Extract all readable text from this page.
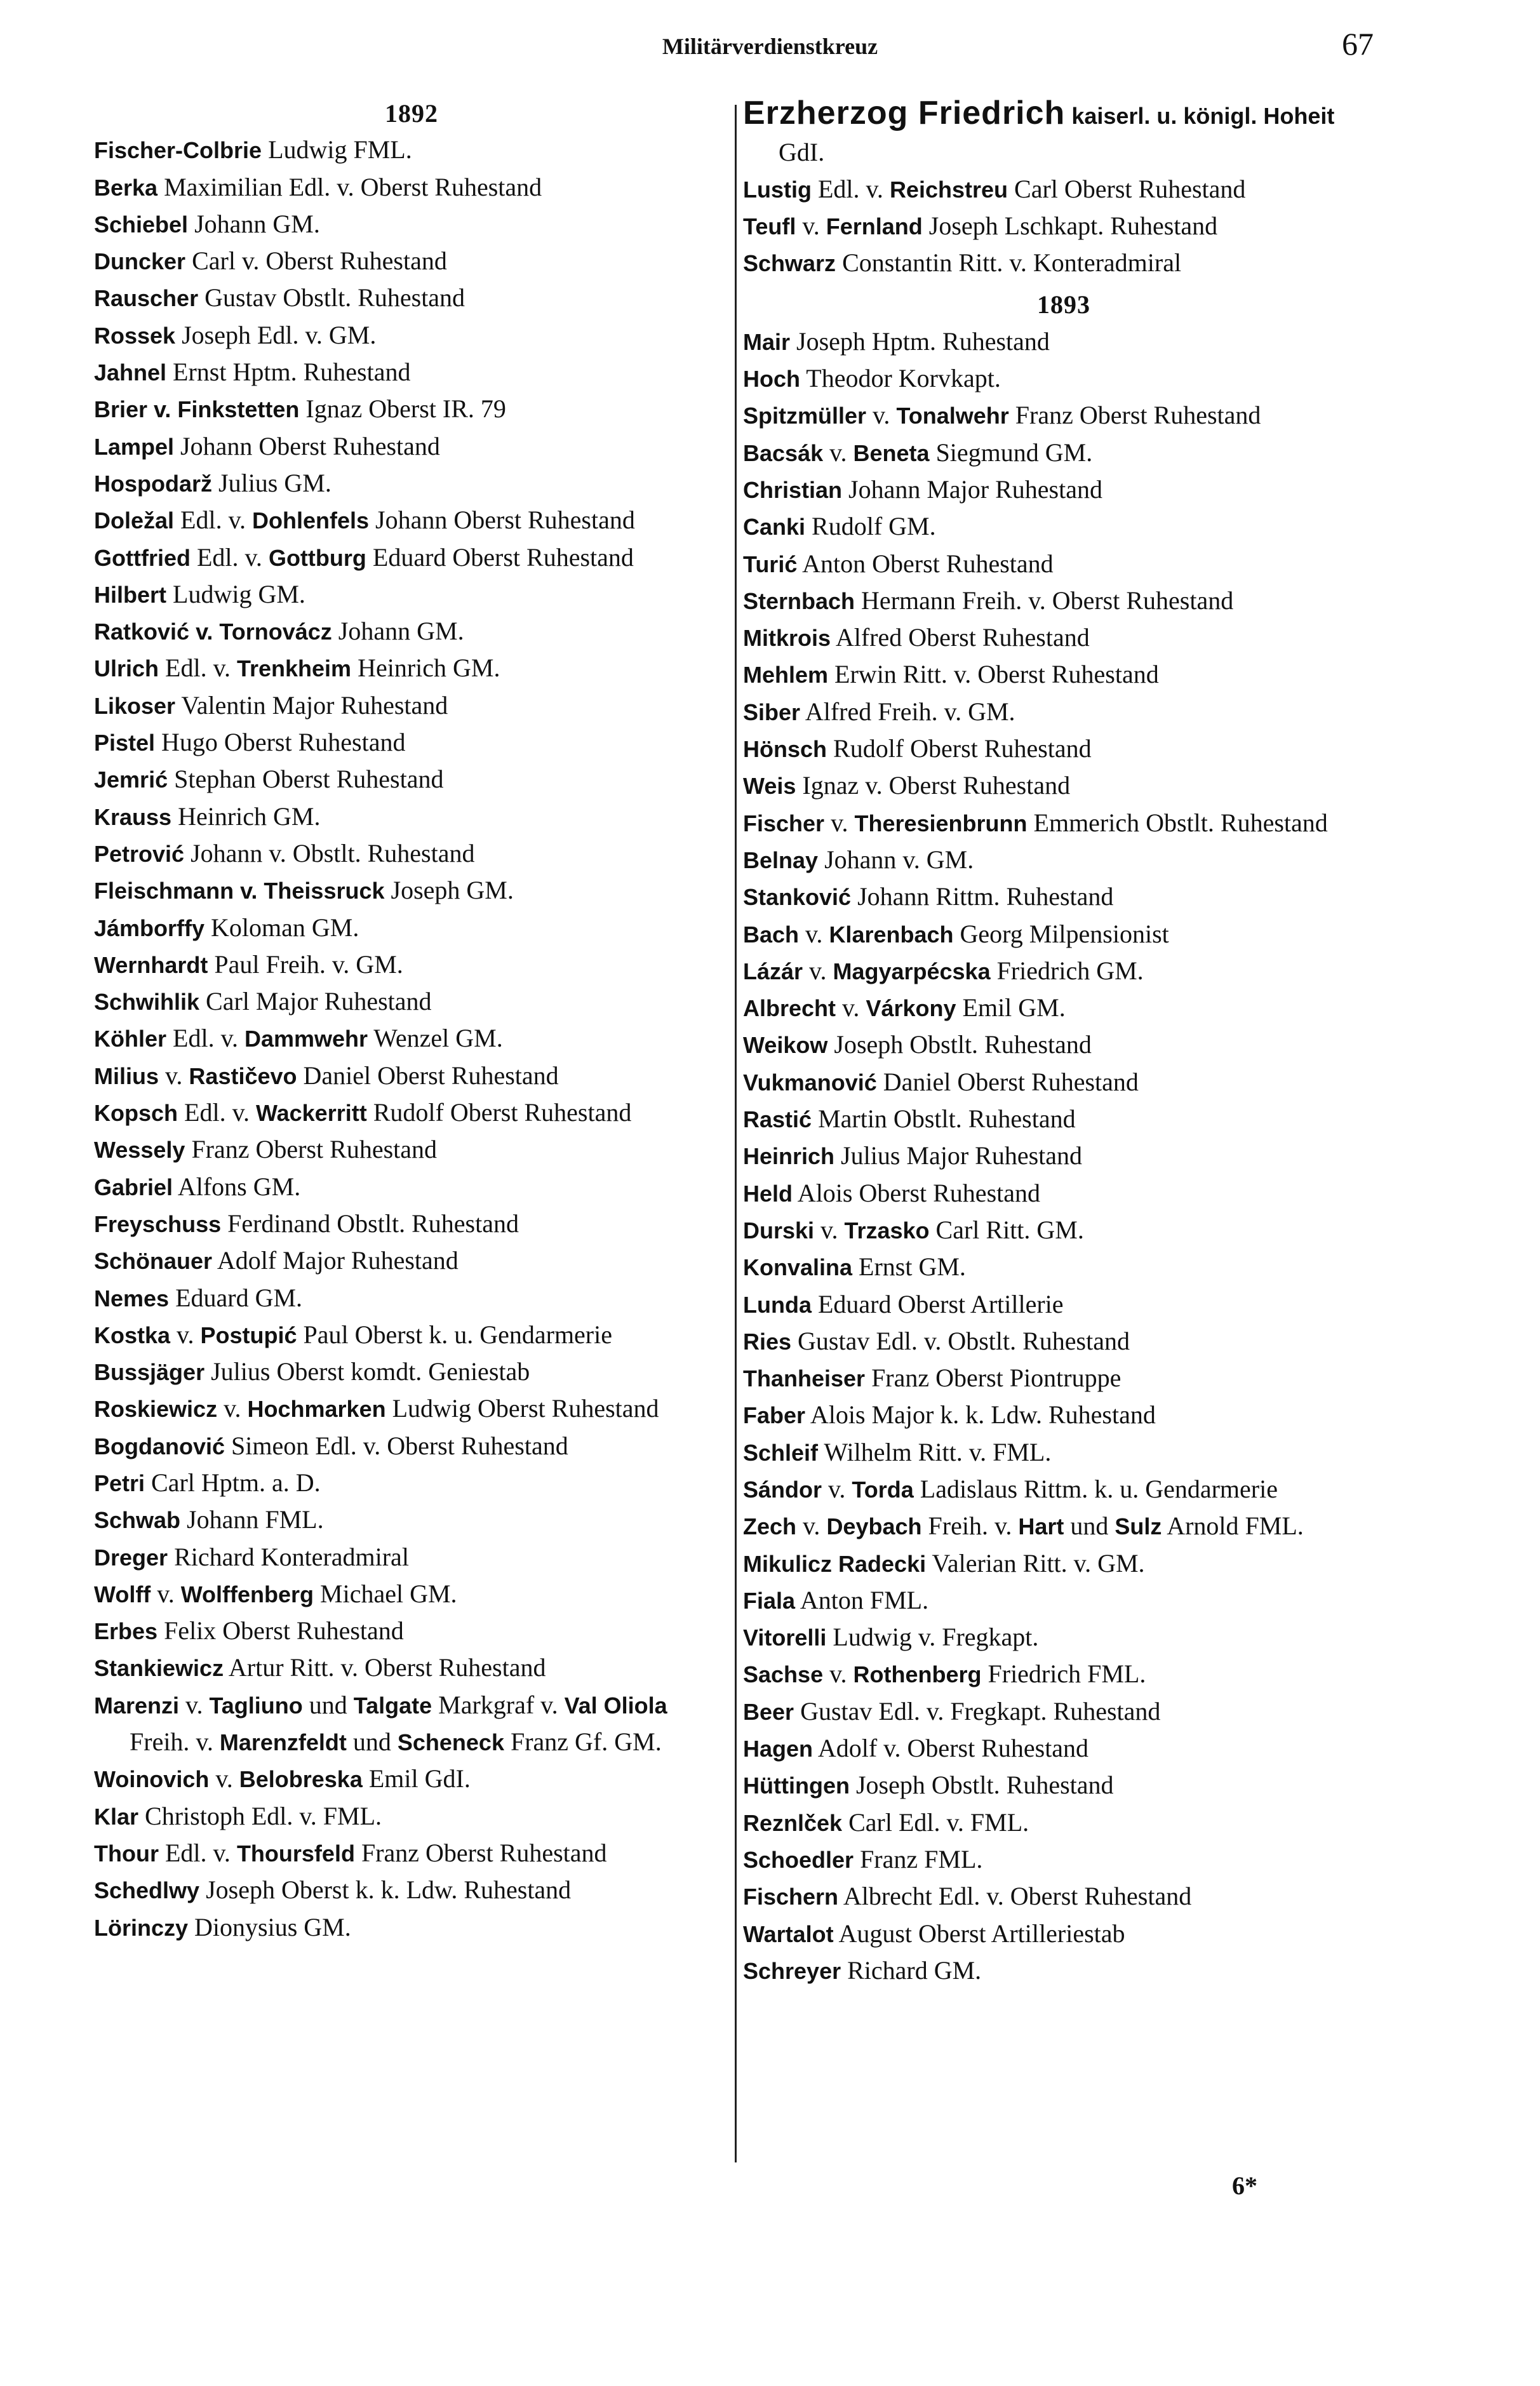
Militärverdienstkreuz	67
1892
Fischer-Colbrie Ludwig FML.
Berka Maximilian Edl. v. Oberst Ruhestand
Schiebel Johann GM.
Duncker Carl v. Oberst Ruhestand
Rauscher Gustav Obstlt. Ruhestand
Rossek Joseph Edl. v. GM.
Jahnel Ernst Hptm. Ruhestand
Brier v. Finkstetten Ignaz Oberst IR. 79
Lampel Johann Oberst Ruhestand
Hospodarž Julius GM.
Doležal Edl. v. Dohlenfels Johann Oberst Ruhestand
Gottfried Edl. v. Gottburg Eduard Oberst Ruhestand
Hilbert Ludwig GM.
Ratković v. Tornovácz Johann GM.
Ulrich Edl. v. Trenkheim Heinrich GM.
Likoser Valentin Major Ruhestand
Pistel Hugo Oberst Ruhestand
Jemrić Stephan Oberst Ruhestand
Krauss Heinrich GM.
Petrović Johann v. Obstlt. Ruhestand
Fleischmann v. Theissruck Joseph GM.
Jámborffy Koloman GM.
Wernhardt Paul Freih. v. GM.
Schwihlik Carl Major Ruhestand
Köhler Edl. v. Dammwehr Wenzel GM.
Milius v. Rastičevo Daniel Oberst Ruhestand
Kopsch Edl. v. Wackerritt Rudolf Oberst Ruhestand
Wessely Franz Oberst Ruhestand
Gabriel Alfons GM.
Freyschuss Ferdinand Obstlt. Ruhestand
Schönauer Adolf Major Ruhestand
Nemes Eduard GM.
Kostka v. Postupić Paul Oberst k. u. Gendarmerie
Bussjäger Julius Oberst komdt. Geniestab
Roskiewicz v. Hochmarken Ludwig Oberst Ruhestand
Bogdanović Simeon Edl. v. Oberst Ruhestand
Petri Carl Hptm. a. D.
Schwab Johann FML.
Dreger Richard Konteradmiral
Wolff v. Wolffenberg Michael GM.
Erbes Felix Oberst Ruhestand
Stankiewicz Artur Ritt. v. Oberst Ruhestand
Marenzi v. Tagliuno und Talgate Markgraf v. Val Oliola Freih. v. Marenzfeldt und Scheneck Franz Gf. GM.
Woinovich v. Belobreska Emil GdI.
Klar Christoph Edl. v. FML.
Thour Edl. v. Thoursfeld Franz Oberst Ruhestand
Schedlwy Joseph Oberst k. k. Ldw. Ruhestand
Lörinczy Dionysius GM.
Erzherzog Friedrich kaiserl. u. königl. Hoheit GdI.
Lustig Edl. v. Reichstreu Carl Oberst Ruhestand
Teufl v. Fernland Joseph Lschkapt. Ruhestand
Schwarz Constantin Ritt. v. Konteradmiral
1893
Mair Joseph Hptm. Ruhestand
Hoch Theodor Korvkapt.
Spitzmüller v. Tonalwehr Franz Oberst Ruhestand
Bacsák v. Beneta Siegmund GM.
Christian Johann Major Ruhestand
Canki Rudolf GM.
Turić Anton Oberst Ruhestand
Sternbach Hermann Freih. v. Oberst Ruhestand
Mitkrois Alfred Oberst Ruhestand
Mehlem Erwin Ritt. v. Oberst Ruhestand
Siber Alfred Freih. v. GM.
Hönsch Rudolf Oberst Ruhestand
Weis Ignaz v. Oberst Ruhestand
Fischer v. Theresienbrunn Emmerich Obstlt. Ruhestand
Belnay Johann v. GM.
Stanković Johann Rittm. Ruhestand
Bach v. Klarenbach Georg Milpensionist
Lázár v. Magyarpécska Friedrich GM.
Albrecht v. Várkony Emil GM.
Weikow Joseph Obstlt. Ruhestand
Vukmanović Daniel Oberst Ruhestand
Rastić Martin Obstlt. Ruhestand
Heinrich Julius Major Ruhestand
Held Alois Oberst Ruhestand
Durski v. Trzasko Carl Ritt. GM.
Konvalina Ernst GM.
Lunda Eduard Oberst Artillerie
Ries Gustav Edl. v. Obstlt. Ruhestand
Thanheiser Franz Oberst Piontruppe
Faber Alois Major k. k. Ldw. Ruhestand
Schleif Wilhelm Ritt. v. FML.
Sándor v. Torda Ladislaus Rittm. k. u. Gendarmerie
Zech v. Deybach Freih. v. Hart und Sulz Arnold FML.
Mikulicz Radecki Valerian Ritt. v. GM.
Fiala Anton FML.
Vitorelli Ludwig v. Fregkapt.
Sachse v. Rothenberg Friedrich FML.
Beer Gustav Edl. v. Fregkapt. Ruhestand
Hagen Adolf v. Oberst Ruhestand
Hüttingen Joseph Obstlt. Ruhestand
Reznlček Carl Edl. v. FML.
Schoedler Franz FML.
Fischern Albrecht Edl. v. Oberst Ruhestand
Wartalot August Oberst Artilleriestab
Schreyer Richard GM.
6*
